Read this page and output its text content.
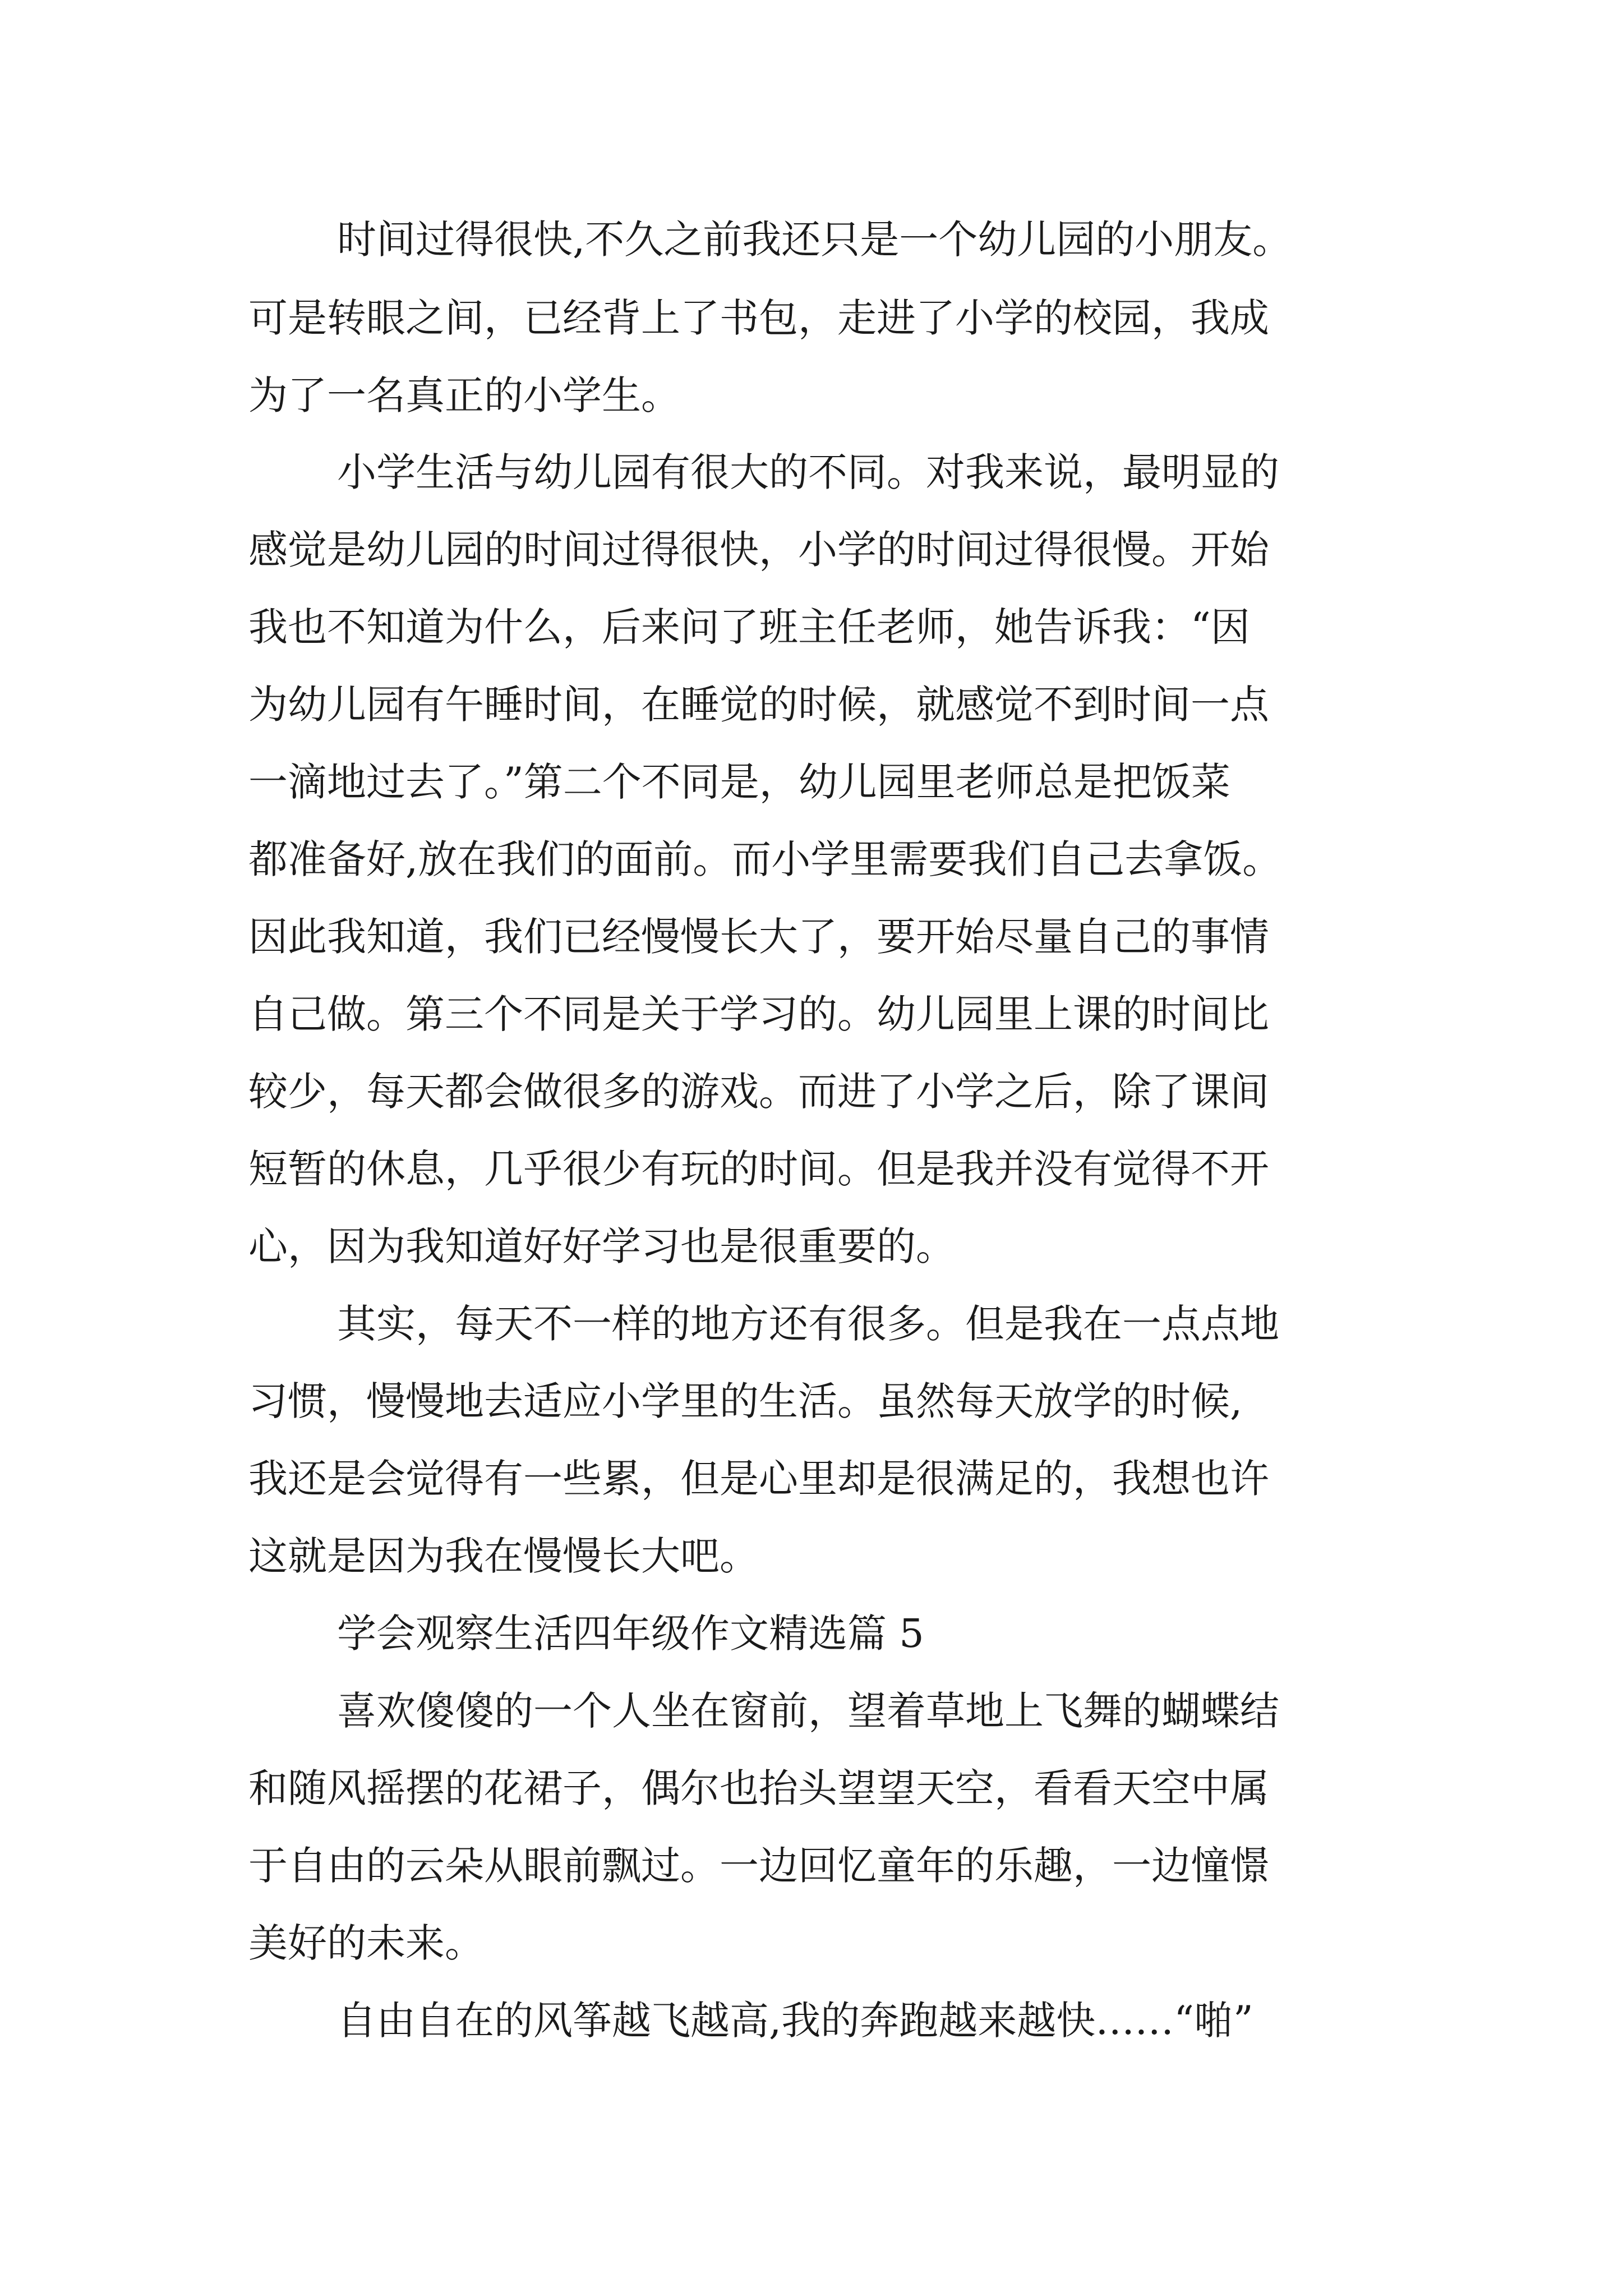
时间过得很快,不久之前我还只是一个幼儿园的小朋友。

可是转眼之间，已经背上了书包，走进了小学的校园，我成

为了一名真正的小学生。

小学生活与幼儿园有很大的不同。对我来说，最明显的

感觉是幼儿园的时间过得很快，小学的时间过得很慢。开始

我也不知道为什么，后来问了班主任老师，她告诉我：“因

为幼儿园有午睡时间，在睡觉的时候，就感觉不到时间一点

一滴地过去了。”第二个不同是，幼儿园里老师总是把饭菜

都准备好,放在我们的面前。而小学里需要我们自己去拿饭。

因此我知道，我们已经慢慢长大了，要开始尽量自己的事情

自己做。第三个不同是关于学习的。幼儿园里上课的时间比

较少，每天都会做很多的游戏。而进了小学之后，除了课间

短暂的休息，几乎很少有玩的时间。但是我并没有觉得不开

心，因为我知道好好学习也是很重要的。

其实，每天不一样的地方还有很多。但是我在一点点地

习惯，慢慢地去适应小学里的生活。虽然每天放学的时候,

我还是会觉得有一些累，但是心里却是很满足的，我想也许

这就是因为我在慢慢长大吧。

学会观察生活四年级作文精选篇 5

喜欢傻傻的一个人坐在窗前，望着草地上飞舞的蝴蝶结

和随风摇摆的花裙子，偶尔也抬头望望天空，看看天空中属

于自由的云朵从眼前飘过。一边回忆童年的乐趣，一边憧憬

美好的未来。

自由自在的风筝越飞越高,我的奔跑越来越快……“啪”
